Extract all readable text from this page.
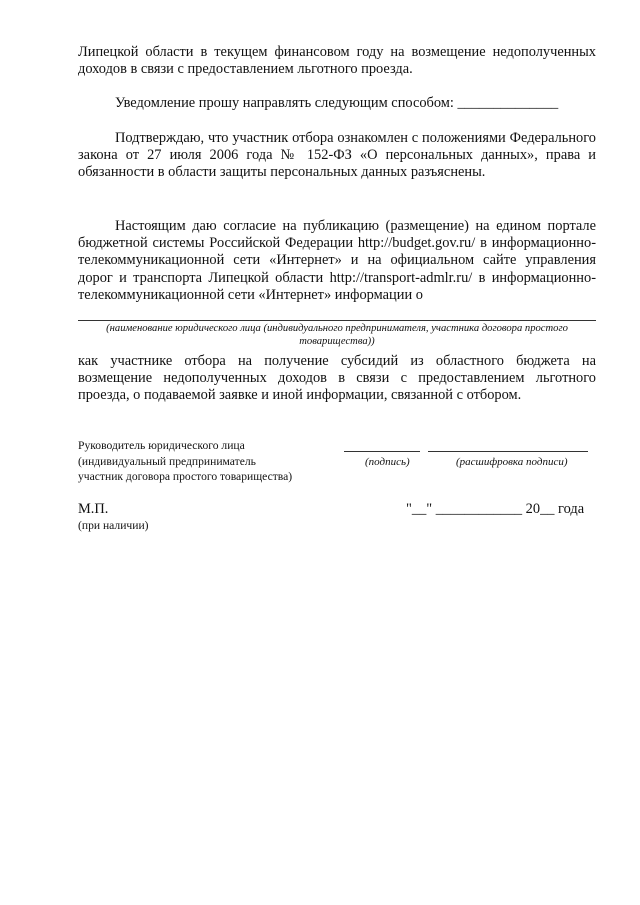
Липецкой области в текущем финансовом году на возмещение недополученных доходов в связи с предоставлением льготного проезда.

Уведомление прошу направлять следующим способом: ______________

Подтверждаю, что участник отбора ознакомлен с положениями Федерального закона от 27 июля 2006 года № 152-ФЗ «О персональных данных», права и обязанности в области защиты персональных данных разъяснены.

Настоящим даю согласие на публикацию (размещение) на едином портале бюджетной системы Российской Федерации http://budget.gov.ru/ в информационно-телекоммуникационной сети «Интернет» и на официальном сайте управления дорог и транспорта Липецкой области http://transport-admlr.ru/ в информационно-телекоммуникационной сети «Интернет» информации о

(наименование юридического лица (индивидуального предпринимателя, участника договора простого товарищества))

как участнике отбора на получение субсидий из областного бюджета на возмещение недополученных доходов в связи с предоставлением льготного проезда, о подаваемой заявке и иной информации, связанной с отбором.

Руководитель юридического лица

(индивидуальный предприниматель

участник договора простого товарищества)

(подпись)	(расшифровка подписи)

М.П.

(при наличии)

"__" ____________ 20__ года
